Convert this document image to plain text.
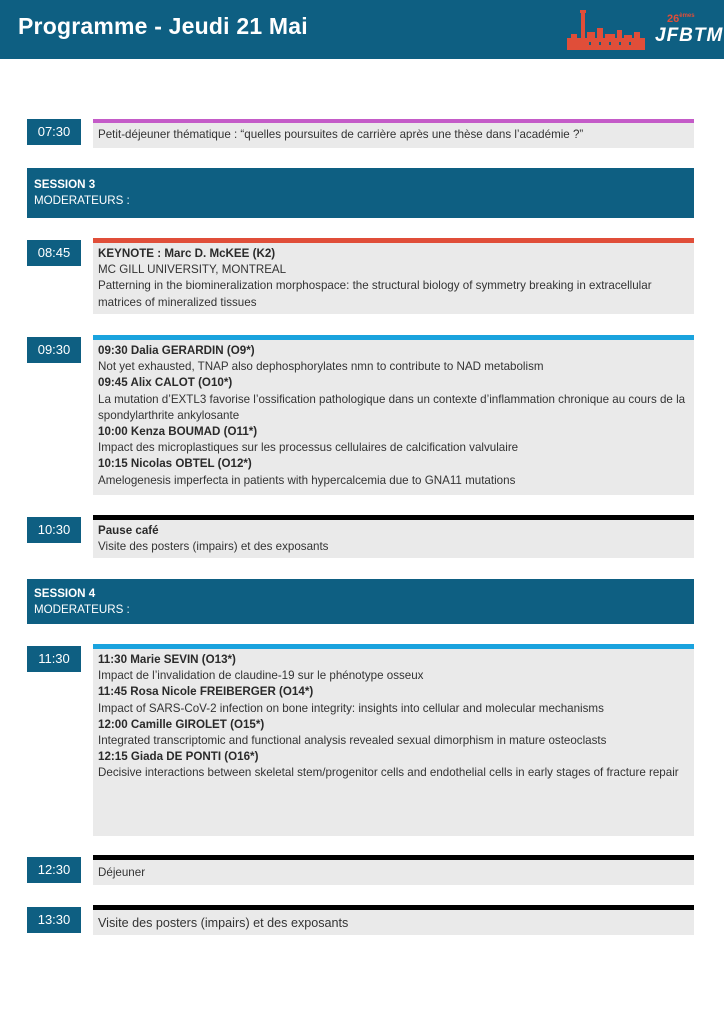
Programme - Jeudi 21 Mai	26èmes
JFBTM
07:30	Petit-déjeuner thématique : “quelles poursuites de carrière après une thèse dans l’académie ?”
SESSION 3
MODERATEURS :
08:45	KEYNOTE : Marc D. McKEE (K2)
MC GILL UNIVERSITY, MONTREAL
Patterning in the biomineralization morphospace: the structural biology of symmetry breaking in extracellular matrices of mineralized tissues
09:30	09:30 Dalia GERARDIN (O9*)
Not yet exhausted, TNAP also dephosphorylates nmn to contribute to NAD metabolism
09:45 Alix CALOT (O10*)
La mutation d’EXTL3 favorise l’ossification pathologique dans un contexte d’inflammation chronique au cours de la spondylarthrite ankylosante
10:00 Kenza BOUMAD (O11*)
Impact des microplastiques sur les processus cellulaires de calcification valvulaire
10:15 Nicolas OBTEL (O12*)
Amelogenesis imperfecta in patients with hypercalcemia due to GNA11 mutations
10:30	Pause café
Visite des posters (impairs) et des exposants
SESSION 4
MODERATEURS :
11:30	11:30 Marie SEVIN (O13*)
Impact de l’invalidation de claudine-19 sur le phénotype osseux
11:45 Rosa Nicole FREIBERGER (O14*)
Impact of SARS-CoV-2 infection on bone integrity: insights into cellular and molecular mechanisms
12:00 Camille GIROLET (O15*)
Integrated transcriptomic and functional analysis revealed sexual dimorphism in mature osteoclasts
12:15 Giada DE PONTI (O16*)
Decisive interactions between skeletal stem/progenitor cells and endothelial cells in early stages of fracture repair
12:30	Déjeuner
13:30	Visite des posters (impairs) et des exposants
